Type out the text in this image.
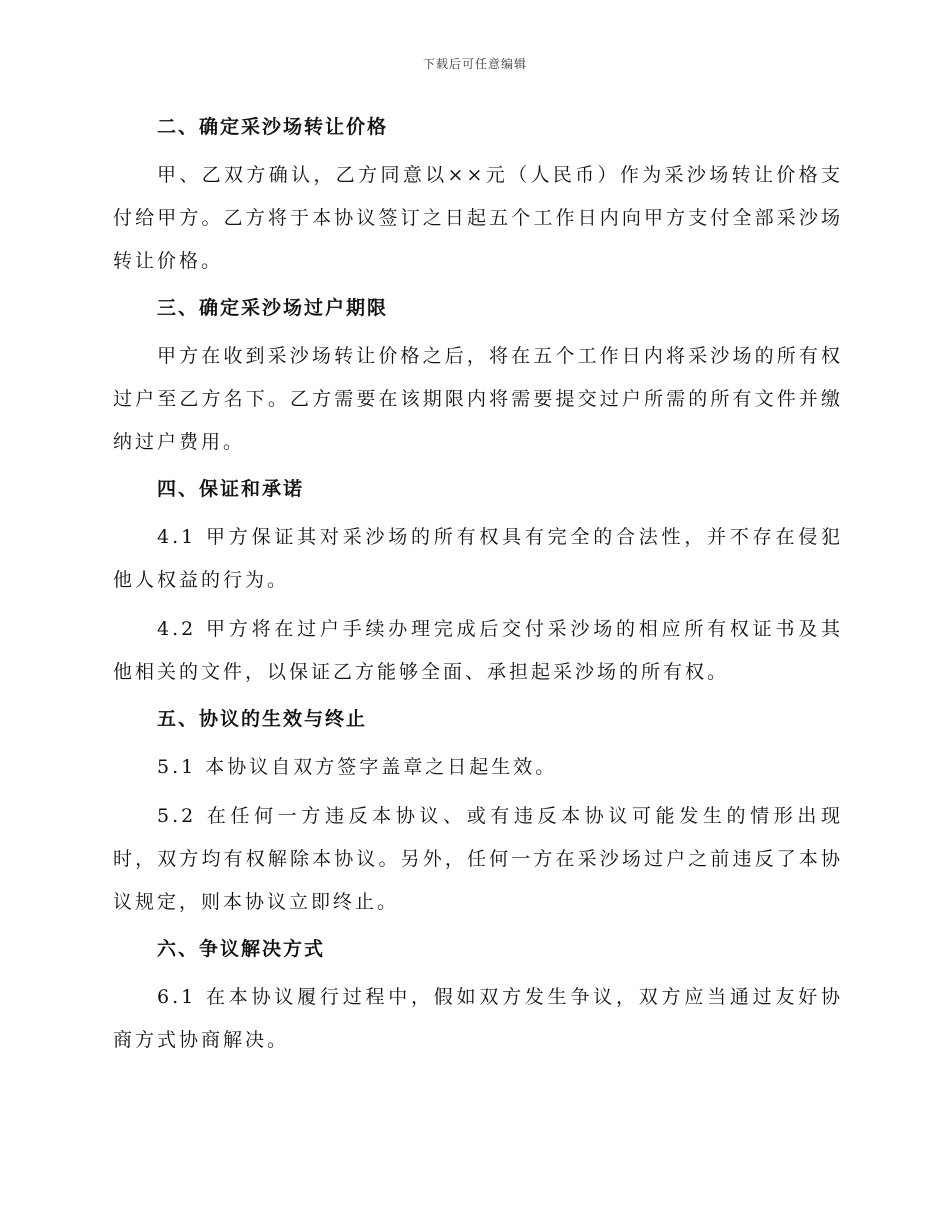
下载后可任意编辑
二、确定采沙场转让价格

甲、乙双方确认，乙方同意以××元（人民币）作为采沙场转让价格支付给甲方。乙方将于本协议签订之日起五个工作日内向甲方支付全部采沙场转让价格。

三、确定采沙场过户期限

甲方在收到采沙场转让价格之后，将在五个工作日内将采沙场的所有权过户至乙方名下。乙方需要在该期限内将需要提交过户所需的所有文件并缴纳过户费用。

四、保证和承诺

4.1 甲方保证其对采沙场的所有权具有完全的合法性，并不存在侵犯他人权益的行为。

4.2 甲方将在过户手续办理完成后交付采沙场的相应所有权证书及其他相关的文件，以保证乙方能够全面、承担起采沙场的所有权。

五、协议的生效与终止

5.1 本协议自双方签字盖章之日起生效。

5.2 在任何一方违反本协议、或有违反本协议可能发生的情形出现时，双方均有权解除本协议。另外，任何一方在采沙场过户之前违反了本协议规定，则本协议立即终止。

六、争议解决方式

6.1 在本协议履行过程中，假如双方发生争议，双方应当通过友好协商方式协商解决。
